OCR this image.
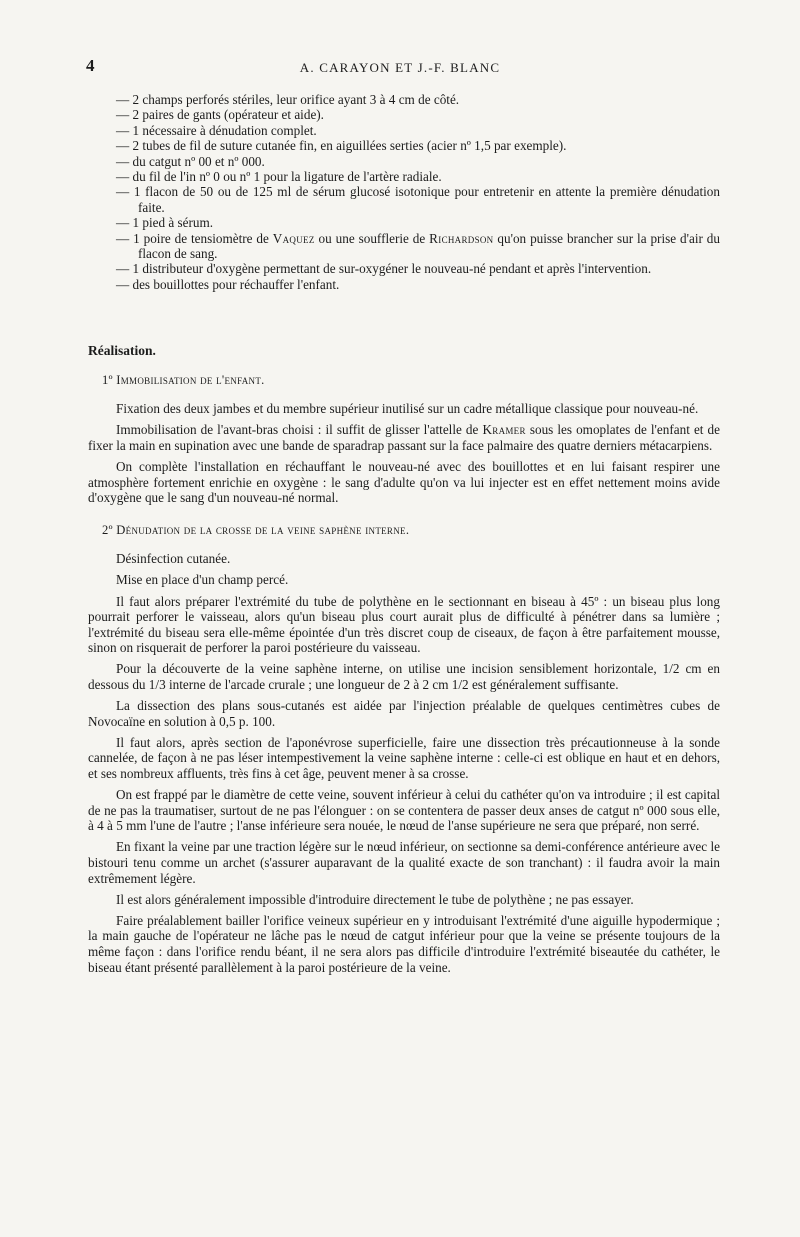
4	A. CARAYON ET J.-F. BLANC
— 2 champs perforés stériles, leur orifice ayant 3 à 4 cm de côté.
— 2 paires de gants (opérateur et aide).
— 1 nécessaire à dénudation complet.
— 2 tubes de fil de suture cutanée fin, en aiguillées serties (acier nº 1,5 par exemple).
— du catgut nº 00 et nº 000.
— du fil de l'in nº 0 ou nº 1 pour la ligature de l'artère radiale.
— 1 flacon de 50 ou de 125 ml de sérum glucosé isotonique pour entretenir en attente la première dénudation faite.
— 1 pied à sérum.
— 1 poire de tensiomètre de Vaquez ou une soufflerie de Richardson qu'on puisse brancher sur la prise d'air du flacon de sang.
— 1 distributeur d'oxygène permettant de sur-oxygéner le nouveau-né pendant et après l'intervention.
— des bouillottes pour réchauffer l'enfant.
Réalisation.
1º Immobilisation de l'enfant.

Fixation des deux jambes et du membre supérieur inutilisé sur un cadre métallique classique pour nouveau-né.

Immobilisation de l'avant-bras choisi : il suffit de glisser l'attelle de Kramer sous les omoplates de l'enfant et de fixer la main en supination avec une bande de sparadrap passant sur la face palmaire des quatre derniers métacarpiens.

On complète l'installation en réchauffant le nouveau-né avec des bouillottes et en lui faisant respirer une atmosphère fortement enrichie en oxygène : le sang d'adulte qu'on va lui injecter est en effet nettement moins avide d'oxygène que le sang d'un nouveau-né normal.

2º Dénudation de la crosse de la veine saphène interne.

Désinfection cutanée.

Mise en place d'un champ percé.

Il faut alors préparer l'extrémité du tube de polythène en le sectionnant en biseau à 45º : un biseau plus long pourrait perforer le vaisseau, alors qu'un biseau plus court aurait plus de difficulté à pénétrer dans sa lumière ; l'extrémité du biseau sera elle-même épointée d'un très discret coup de ciseaux, de façon à être parfaitement mousse, sinon on risquerait de perforer la paroi postérieure du vaisseau.

Pour la découverte de la veine saphène interne, on utilise une incision sensiblement horizontale, 1/2 cm en dessous du 1/3 interne de l'arcade crurale ; une longueur de 2 à 2 cm 1/2 est généralement suffisante.

La dissection des plans sous-cutanés est aidée par l'injection préalable de quelques centimètres cubes de Novocaïne en solution à 0,5 p. 100.

Il faut alors, après section de l'aponévrose superficielle, faire une dissection très précautionneuse à la sonde cannelée, de façon à ne pas léser intempestivement la veine saphène interne : celle-ci est oblique en haut et en dehors, et ses nombreux affluents, très fins à cet âge, peuvent mener à sa crosse.

On est frappé par le diamètre de cette veine, souvent inférieur à celui du cathéter qu'on va introduire ; il est capital de ne pas la traumatiser, surtout de ne pas l'élonguer : on se contentera de passer deux anses de catgut nº 000 sous elle, à 4 à 5 mm l'une de l'autre ; l'anse inférieure sera nouée, le nœud de l'anse supérieure ne sera que préparé, non serré.

En fixant la veine par une traction légère sur le nœud inférieur, on sectionne sa demi-conférence antérieure avec le bistouri tenu comme un archet (s'assurer auparavant de la qualité exacte de son tranchant) : il faudra avoir la main extrêmement légère.

Il est alors généralement impossible d'introduire directement le tube de polythène ; ne pas essayer.

Faire préalablement bailler l'orifice veineux supérieur en y introduisant l'extrémité d'une aiguille hypodermique ; la main gauche de l'opérateur ne lâche pas le nœud de catgut inférieur pour que la veine se présente toujours de la même façon : dans l'orifice rendu béant, il ne sera alors pas difficile d'introduire l'extrémité biseautée du cathéter, le biseau étant présenté parallèlement à la paroi postérieure de la veine.
